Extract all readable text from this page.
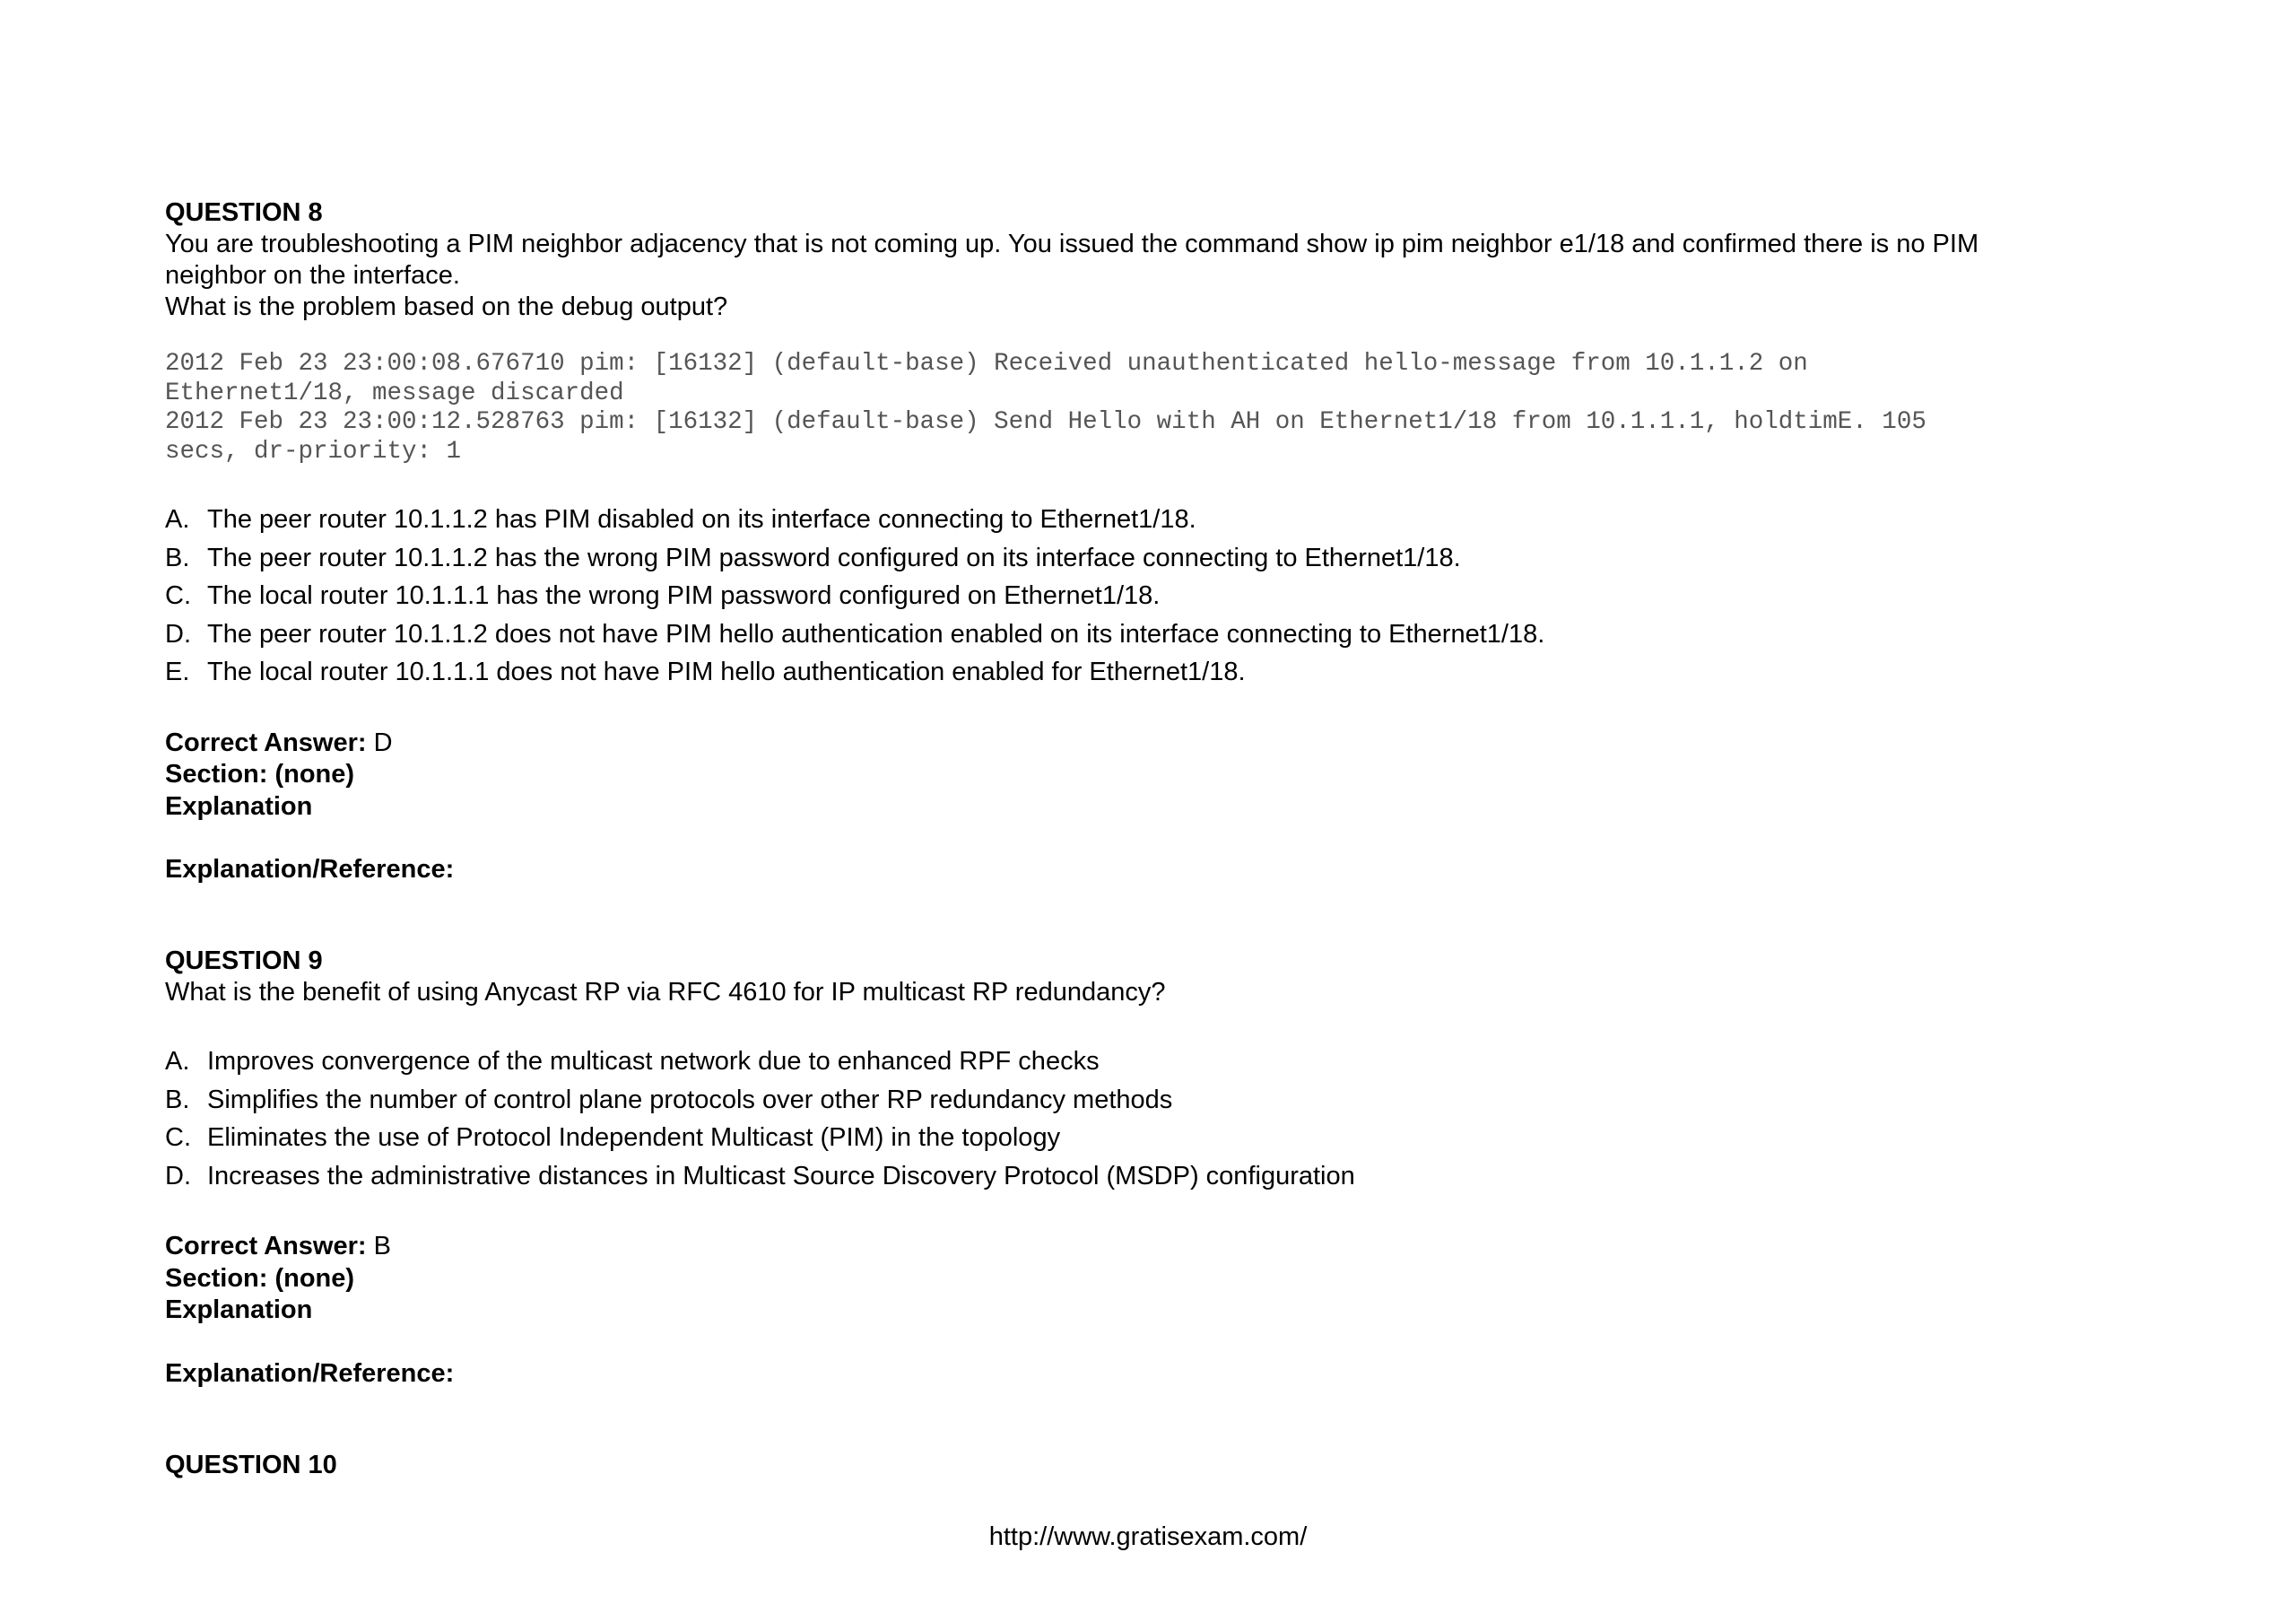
QUESTION 8

You are troubleshooting a PIM neighbor adjacency that is not coming up. You issued the command show ip pim neighbor e1/18 and confirmed there is no PIM

neighbor on the interface.

What is the problem based on the debug output?

2012 Feb 23 23:00:08.676710 pim: [16132] (default-base) Received unauthenticated hello-message from 10.1.1.2 on
Ethernet1/18, message discarded
2012 Feb 23 23:00:12.528763 pim: [16132] (default-base) Send Hello with AH on Ethernet1/18 from 10.1.1.1, holdtimE. 105
secs, dr-priority: 1
A. The peer router 10.1.1.2 has PIM disabled on its interface connecting to Ethernet1/18.
B. The peer router 10.1.1.2 has the wrong PIM password configured on its interface connecting to Ethernet1/18.
C. The local router 10.1.1.1 has the wrong PIM password configured on Ethernet1/18.
D. The peer router 10.1.1.2 does not have PIM hello authentication enabled on its interface connecting to Ethernet1/18.
E. The local router 10.1.1.1 does not have PIM hello authentication enabled for Ethernet1/18.
Correct Answer: D
Section: (none)
Explanation
Explanation/Reference:

QUESTION 9

What is the benefit of using Anycast RP via RFC 4610 for IP multicast RP redundancy?

A. Improves convergence of the multicast network due to enhanced RPF checks
B. Simplifies the number of control plane protocols over other RP redundancy methods
C. Eliminates the use of Protocol Independent Multicast (PIM) in the topology
D. Increases the administrative distances in Multicast Source Discovery Protocol (MSDP) configuration
Correct Answer: B
Section: (none)
Explanation
Explanation/Reference:

QUESTION 10

http://www.gratisexam.com/
